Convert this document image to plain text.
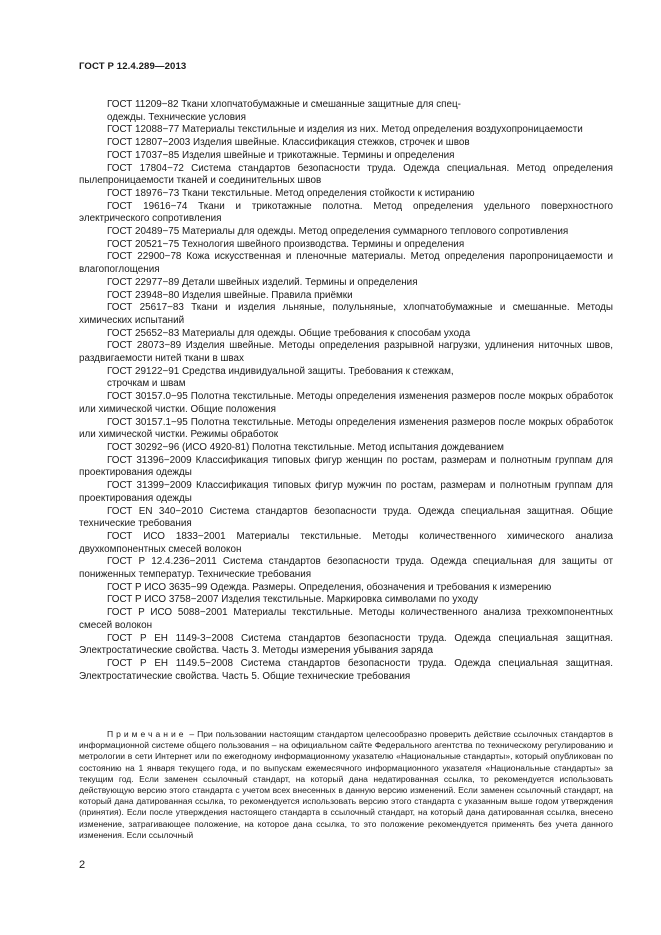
ГОСТ Р 12.4.289—2013

ГОСТ 11209−82 Ткани хлопчатобумажные и смешанные защитные для спец-

одежды. Технические условия

ГОСТ 12088−77 Материалы текстильные и изделия из них. Метод определения воздухопроницаемости

ГОСТ 12807−2003 Изделия швейные. Классификация стежков, строчек и швов

ГОСТ 17037−85 Изделия швейные и трикотажные. Термины и определения

ГОСТ 17804−72 Система стандартов безопасности труда. Одежда специальная. Метод определения пылепроницаемости тканей и соединительных швов

ГОСТ 18976−73 Ткани текстильные. Метод определения стойкости к истиранию

ГОСТ 19616−74 Ткани и трикотажные полотна. Метод определения удельного поверхностного электрического сопротивления

ГОСТ 20489−75 Материалы для одежды. Метод определения суммарного теплового сопротивления

ГОСТ 20521−75 Технология швейного производства. Термины и определения

ГОСТ 22900−78 Кожа искусственная и пленочные материалы. Метод определения паропроницаемости и влагопоглощения

ГОСТ 22977−89 Детали швейных изделий. Термины и определения

ГОСТ 23948−80 Изделия швейные. Правила приёмки

ГОСТ 25617−83 Ткани и изделия льняные, полульняные, хлопчатобумажные и смешанные. Методы химических испытаний

ГОСТ 25652−83 Материалы для одежды. Общие требования к способам ухода

ГОСТ 28073−89 Изделия швейные. Методы определения разрывной нагрузки, удлинения ниточных швов, раздвигаемости нитей ткани в швах

ГОСТ 29122−91 Средства индивидуальной защиты. Требования к стежкам,

строчкам и швам

ГОСТ 30157.0−95 Полотна текстильные. Методы определения изменения размеров после мокрых обработок или химической чистки. Общие положения

ГОСТ 30157.1−95 Полотна текстильные. Методы определения изменения размеров после мокрых обработок или химической чистки. Режимы обработок

ГОСТ 30292−96 (ИСО 4920-81) Полотна текстильные. Метод испытания дождеванием

ГОСТ 31396−2009 Классификация типовых фигур женщин по ростам, размерам и полнотным группам для проектирования одежды

ГОСТ 31399−2009 Классификация типовых фигур мужчин по ростам, размерам и полнотным группам для проектирования одежды

ГОСТ EN 340−2010 Система стандартов безопасности труда. Одежда специальная защитная. Общие технические требования

ГОСТ ИСО 1833−2001 Материалы текстильные. Методы количественного химического анализа двухкомпонентных смесей волокон

ГОСТ Р 12.4.236−2011 Система стандартов безопасности труда. Одежда специальная для защиты от пониженных температур. Технические требования

ГОСТ Р ИСО 3635−99 Одежда. Размеры. Определения, обозначения и требования к измерению

ГОСТ Р ИСО 3758−2007 Изделия текстильные. Маркировка символами по уходу

ГОСТ Р ИСО 5088−2001 Материалы текстильные. Методы количественного анализа трехкомпонентных смесей волокон

ГОСТ Р ЕН 1149-3−2008 Система стандартов безопасности труда. Одежда специальная защитная. Электростатические свойства. Часть 3. Методы измерения убывания заряда

ГОСТ Р ЕН 1149.5−2008 Система стандартов безопасности труда. Одежда специальная защитная. Электростатические свойства. Часть 5. Общие технические требования

Примечание – При пользовании настоящим стандартом целесообразно проверить действие ссылочных стандартов в информационной системе общего пользования – на официальном сайте Федерального агентства по техническому регулированию и метрологии в сети Интернет или по ежегодному информационному указателю «Национальные стандарты», который опубликован по состоянию на 1 января текущего года, и по выпускам ежемесячного информационного указателя «Национальные стандарты» за текущим год. Если заменен ссылочный стандарт, на который дана недатированная ссылка, то рекомендуется использовать действующую версию этого стандарта с учетом всех внесенных в данную версию изменений. Если заменен ссылочный стандарт, на который дана датированная ссылка, то рекомендуется использовать версию этого стандарта с указанным выше годом утверждения (принятия). Если после утверждения настоящего стандарта в ссылочный стандарт, на который дана датированная ссылка, внесено изменение, затрагивающее положение, на которое дана ссылка, то это положение рекомендуется применять без учета данного изменения. Если ссылочный

2
